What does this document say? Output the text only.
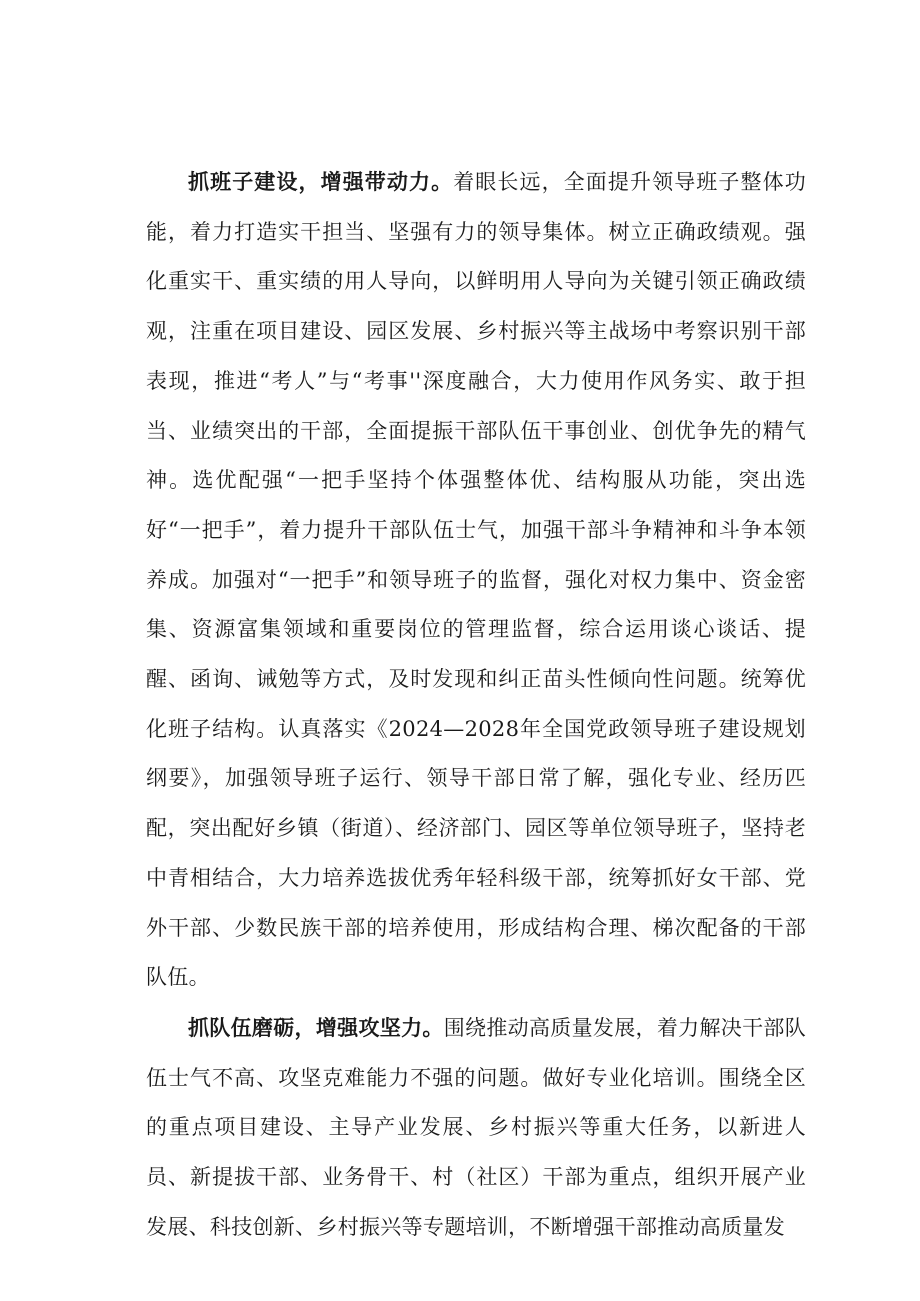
抓班子建设，增强带动力。着眼长远，全面提升领导班子整体功能，着力打造实干担当、坚强有力的领导集体。树立正确政绩观。强化重实干、重实绩的用人导向，以鲜明用人导向为关键引领正确政绩观，注重在项目建设、园区发展、乡村振兴等主战场中考察识别干部表现，推进“考人”与“考事''深度融合，大力使用作风务实、敢于担当、业绩突出的干部，全面提振干部队伍干事创业、创优争先的精气神。选优配强“一把手坚持个体强整体优、结构服从功能，突出选好“一把手”，着力提升干部队伍士气，加强干部斗争精神和斗争本领养成。加强对“一把手”和领导班子的监督，强化对权力集中、资金密集、资源富集领域和重要岗位的管理监督，综合运用谈心谈话、提醒、函询、诫勉等方式，及时发现和纠正苗头性倾向性问题。统筹优化班子结构。认真落实《2024—2028年全国党政领导班子建设规划纲要》，加强领导班子运行、领导干部日常了解，强化专业、经历匹配，突出配好乡镇（街道）、经济部门、园区等单位领导班子，坚持老中青相结合，大力培养选拔优秀年轻科级干部，统筹抓好女干部、党外干部、少数民族干部的培养使用，形成结构合理、梯次配备的干部队伍。

抓队伍磨砺，增强攻坚力。围绕推动高质量发展，着力解决干部队伍士气不高、攻坚克难能力不强的问题。做好专业化培训。围绕全区的重点项目建设、主导产业发展、乡村振兴等重大任务，以新进人员、新提拔干部、业务骨干、村（社区）干部为重点，组织开展产业发展、科技创新、乡村振兴等专题培训，不断增强干部推动高质量发
